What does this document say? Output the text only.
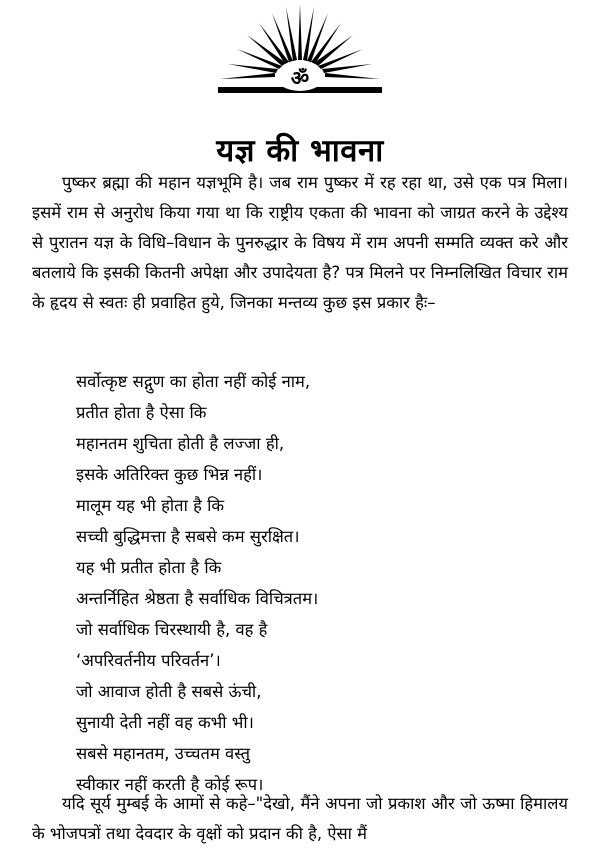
ॐ
यज्ञ की भावना

पुष्कर ब्रह्मा की महान यज्ञभूमि है। जब राम पुष्कर में रह रहा था, उसे एक पत्र मिला। इसमें राम से अनुरोध किया गया था कि राष्ट्रीय एकता की भावना को जाग्रत करने के उद्देश्य से पुरातन यज्ञ के विधि–विधान के पुनरुद्धार के विषय में राम अपनी सम्मति व्यक्त करे और बतलाये कि इसकी कितनी अपेक्षा और उपादेयता है? पत्र मिलने पर निम्नलिखित विचार राम के हृदय से स्वतः ही प्रवाहित हुये, जिनका मन्तव्य कुछ इस प्रकार हैः–

सर्वोत्कृष्ट सद्गुण का होता नहीं कोई नाम,
प्रतीत होता है ऐसा कि
महानतम शुचिता होती है लज्जा ही,
इसके अतिरिक्त कुछ भिन्न नहीं।
मालूम यह भी होता है कि
सच्ची बुद्धिमत्ता है सबसे कम सुरक्षित।
यह भी प्रतीत होता है कि
अन्तर्निहित श्रेष्ठता है सर्वाधिक विचित्रतम।
जो सर्वाधिक चिरस्थायी है, वह है
‘अपरिवर्तनीय परिवर्तन’।
जो आवाज होती है सबसे ऊंची,
सुनायी देती नहीं वह कभी भी।
सबसे महानतम, उच्चतम वस्तु
स्वीकार नहीं करती है कोई रूप।

यदि सूर्य मुम्बई के आमों से कहे–"देखो, मैंने अपना जो प्रकाश और जो ऊष्मा हिमालय के भोजपत्रों तथा देवदार के वृक्षों को प्रदान की है, ऐसा मैं
